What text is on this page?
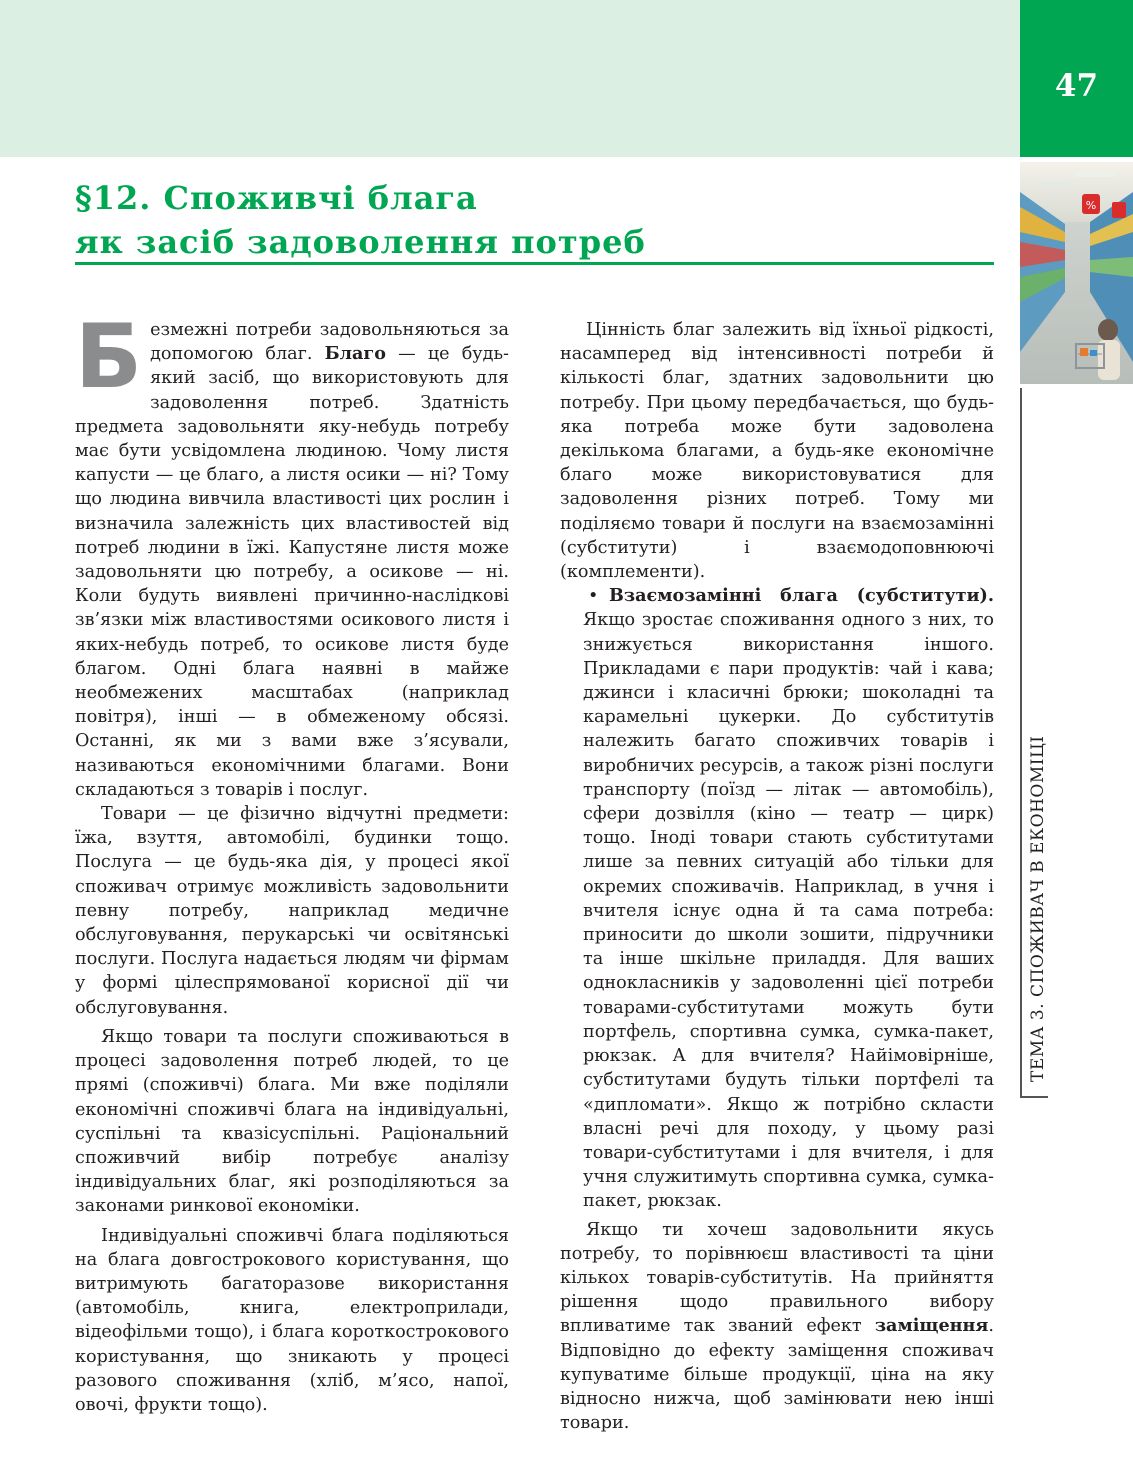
47
%
§12. Споживчі блага
як засіб задоволення потреб
ТЕМА 3. СПОЖИВАЧ В ЕКОНОМІЦІ

Безмежні потреби задовольняються за допомогою благ. Благо — це будь-який засіб, що використовують для задоволення потреб. Здатність предмета задовольняти яку-небудь потребу має бути усвідомлена людиною. Чому листя капусти — це благо, а листя осики — ні? Тому що людина вивчила властивості цих рослин і визначила залежність цих властивостей від потреб людини в їжі. Капустяне листя може задовольняти цю потребу, а осикове — ні. Коли будуть виявлені причинно-наслідкові зв’язки між властивостями осикового листя і яких-небудь потреб, то осикове листя буде благом. Одні блага наявні в майже необмежених масштабах (наприклад повітря), інші — в обмеженому обсязі. Останні, як ми з вами вже з’ясували, називаються економічними благами. Вони складаються з товарів і послуг.

Товари — це фізично відчутні предмети: їжа, взуття, автомобілі, будинки тощо. Послуга — це будь-яка дія, у процесі якої споживач отримує можливість задовольнити певну потребу, наприклад медичне обслуговування, перукарські чи освітянські послуги. Послуга надається людям чи фірмам у формі цілеспрямованої корисної дії чи обслуговування.

Якщо товари та послуги споживаються в процесі задоволення потреб людей, то це прямі (споживчі) блага. Ми вже поділяли економічні споживчі блага на індивідуальні, суспільні та квазісуспільні. Раціональний споживчий вибір потребує аналізу індивідуальних благ, які розподіляються за законами ринкової економіки.

Індивідуальні споживчі блага поділяються на блага довгострокового користування, що витримують багаторазове використання (автомобіль, книга, електроприлади, відеофільми тощо), і блага короткострокового користування, що зникають у процесі разового споживання (хліб, м’ясо, напої, овочі, фрукти тощо).

Цінність благ залежить від їхньої рідкості, насамперед від інтенсивності потреби й кількості благ, здатних задовольнити цю потребу. При цьому передбачається, що будь-яка потреба може бути задоволена декількома благами, а будь-яке економічне благо може використовуватися для задоволення різних потреб. Тому ми поділяємо товари й послуги на взаємозамінні (субститути) і взаємодоповнюючі (комплементи).

• Взаємозамінні блага (субститути). Якщо зростає споживання одного з них, то знижується використання іншого. Прикладами є пари продуктів: чай і кава; джинси і класичні брюки; шоколадні та карамельні цукерки. До субститутів належить багато споживчих товарів і виробничих ресурсів, а також різні послуги транспорту (поїзд — літак — автомобіль), сфери дозвілля (кіно — театр — цирк) тощо. Іноді товари стають субститутами лише за певних ситуацій або тільки для окремих споживачів. Наприклад, в учня і вчителя існує одна й та сама потреба: приносити до школи зошити, підручники та інше шкільне приладдя. Для ваших однокласників у задоволенні цієї потреби товарами-субститутами можуть бути портфель, спортивна сумка, сумка-пакет, рюкзак. А для вчителя? Найімовірніше, субститутами будуть тільки портфелі та «дипломати». Якщо ж потрібно скласти власні речі для походу, у цьому разі товари-субститутами і для вчителя, і для учня служитимуть спортивна сумка, сумка-пакет, рюкзак.

Якщо ти хочеш задовольнити якусь потребу, то порівнюєш властивості та ціни кількох товарів-субститутів. На прийняття рішення щодо правильного вибору впливатиме так званий ефект заміщення. Відповідно до ефекту заміщення споживач купуватиме більше продукції, ціна на яку відносно нижча, щоб замінювати нею інші товари.
